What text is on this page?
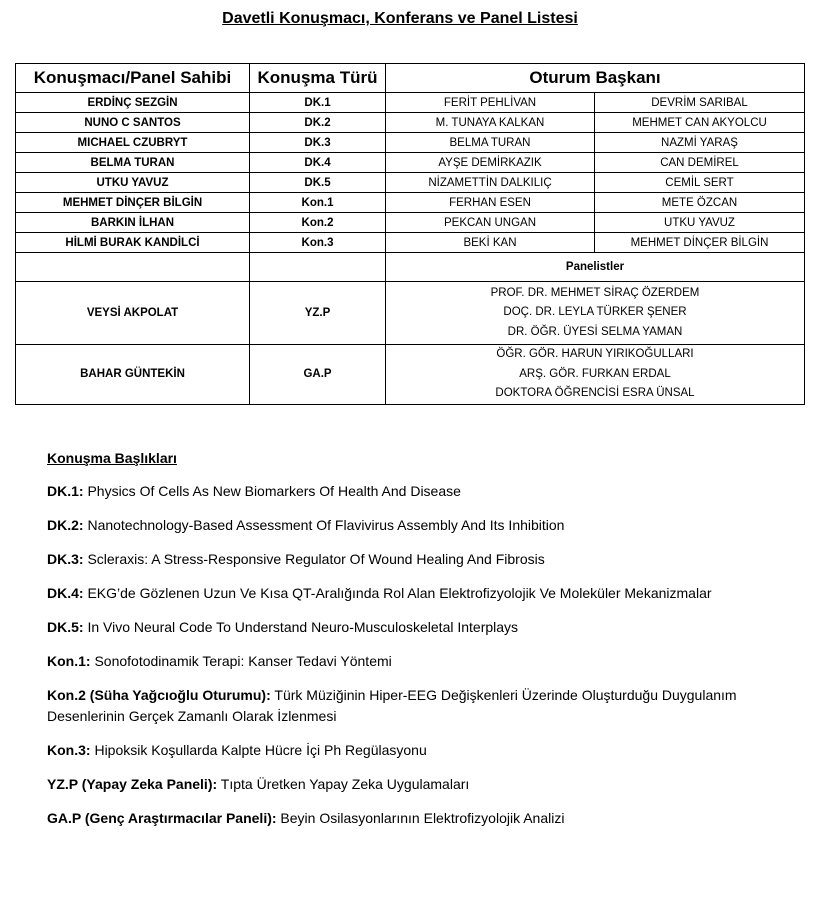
Davetli Konuşmacı, Konferans ve Panel Listesi
Konuşmacı/Panel Sahibi	Konuşma Türü	Oturum Başkanı	
ERDİNÇ SEZGİN	DK.1	FERİT PEHLİVAN	DEVRİM SARIBAL
NUNO C SANTOS	DK.2	M. TUNAYA KALKAN	MEHMET CAN AKYOLCU
MICHAEL CZUBRYT	DK.3	BELMA TURAN	NAZMİ YARAŞ
BELMA TURAN	DK.4	AYŞE DEMİRKAZIK	CAN DEMİREL
UTKU YAVUZ	DK.5	NİZAMETTİN DALKILIÇ	CEMİL SERT
MEHMET DİNÇER BİLGİN	Kon.1	FERHAN ESEN	METE ÖZCAN
BARKIN İLHAN	Kon.2	PEKCAN UNGAN	UTKU YAVUZ
HİLMİ BURAK KANDİLCİ	Kon.3	BEKİ KAN	MEHMET DİNÇER BİLGİN
		Panelistler	
VEYSİ AKPOLAT	YZ.P	PROF. DR. MEHMET SİRAÇ ÖZERDEM
DOÇ. DR. LEYLA TÜRKER ŞENER
DR. ÖĞR. ÜYESİ SELMA YAMAN	

BAHAR GÜNTEKİN	GA.P	ÖĞR. GÖR. HARUN YIRIKOĞULLARI
ARŞ. GÖR. FURKAN ERDAL
DOKTORA ÖĞRENCİSİ ESRA ÜNSAL	
Konuşma Başlıkları
DK.1: Physics Of Cells As New Biomarkers Of Health And Disease
DK.2: Nanotechnology-Based Assessment Of Flavivirus Assembly And Its Inhibition
DK.3: Scleraxis: A Stress-Responsive Regulator Of Wound Healing And Fibrosis
DK.4: EKG’de Gözlenen Uzun Ve Kısa QT-Aralığında Rol Alan Elektrofizyolojik Ve Moleküler Mekanizmalar
DK.5: In Vivo Neural Code To Understand Neuro-Musculoskeletal Interplays
Kon.1: Sonofotodinamik Terapi: Kanser Tedavi Yöntemi
Kon.2 (Süha Yağcıoğlu Oturumu): Türk Müziğinin Hiper-EEG Değişkenleri Üzerinde Oluşturduğu Duygulanım Desenlerinin Gerçek Zamanlı Olarak İzlenmesi
Kon.3: Hipoksik Koşullarda Kalpte Hücre İçi Ph Regülasyonu
YZ.P (Yapay Zeka Paneli): Tıpta Üretken Yapay Zeka Uygulamaları
GA.P (Genç Araştırmacılar Paneli): Beyin Osilasyonlarının Elektrofizyolojik Analizi
